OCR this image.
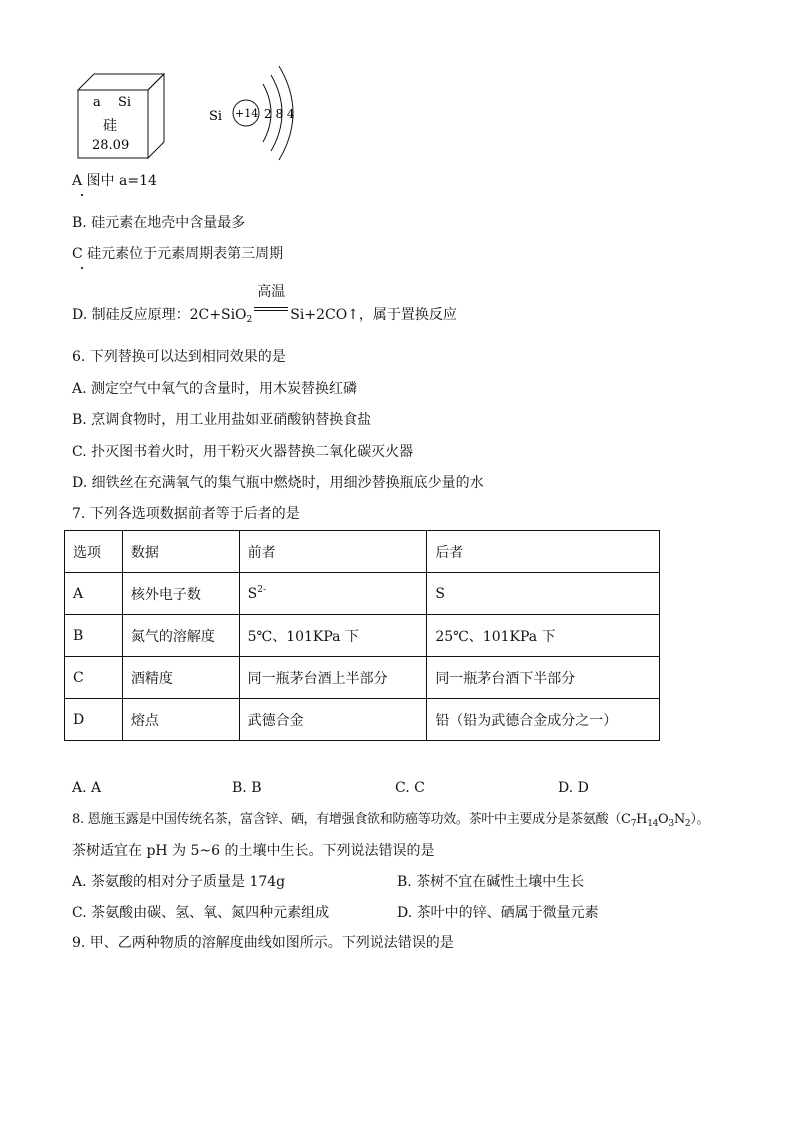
a Si
硅
28.09
Si +14 2 8 4
A 图中 a=14
B. 硅元素在地壳中含量最多
C 硅元素位于元素周期表第三周期
D. 制硅反应原理：2C+SiO$_2$
高温
Si+2CO↑，属于置换反应
6. 下列替换可以达到相同效果的是
A. 测定空气中氧气的含量时，用木炭替换红磷
B. 烹调食物时，用工业用盐如亚硝酸钠替换食盐
C. 扑灭图书着火时，用干粉灭火器替换二氧化碳灭火器
D. 细铁丝在充满氧气的集气瓶中燃烧时，用细沙替换瓶底少量的水
7. 下列各选项数据前者等于后者的是
选项	数据	前者	后者
A	核外电子数	$S^{2-}$	S
B	氮气的溶解度	5℃、101KPa 下	25℃、101KPa 下
C	酒精度	同一瓶茅台酒上半部分	同一瓶茅台酒下半部分
D	熔点	武德合金	铅（铅为武德合金成分之一）
A. A	B. B	C. C	D. D
8. 恩施玉露是中国传统名茶，富含锌、硒，有增强食欲和防癌等功效。茶叶中主要成分是茶氨酸$(C_7H_{14}O_3N_2)$。
茶树适宜在 pH 为 5~6 的土壤中生长。下列说法错误的是
A. 茶氨酸的相对分子质量是 174g	B. 茶树不宜在碱性土壤中生长
C. 茶氨酸由碳、氢、氧、氮四种元素组成	D. 茶叶中的锌、硒属于微量元素
9. 甲、乙两种物质的溶解度曲线如图所示。下列说法错误的是
